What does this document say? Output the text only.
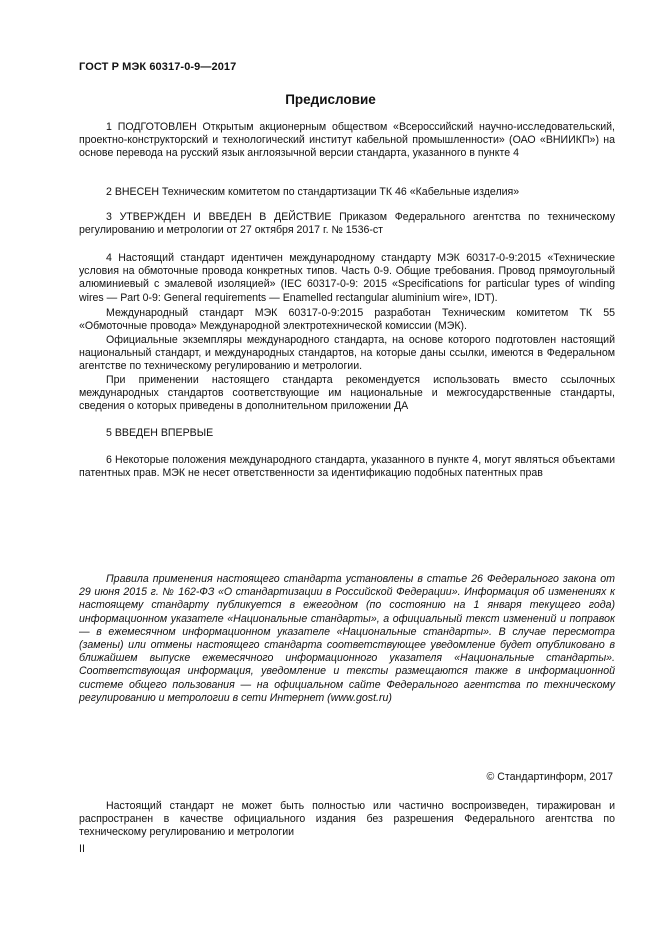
ГОСТ Р МЭК 60317-0-9—2017
Предисловие

1 ПОДГОТОВЛЕН Открытым акционерным обществом «Всероссийский научно-исследовательский, проектно-конструкторский и технологический институт кабельной промышленности» (ОАО «ВНИИКП») на основе перевода на русский язык англоязычной версии стандарта, указанного в пункте 4

2 ВНЕСЕН Техническим комитетом по стандартизации ТК 46 «Кабельные изделия»

3 УТВЕРЖДЕН И ВВЕДЕН В ДЕЙСТВИЕ Приказом Федерального агентства по техническому регулированию и метрологии от 27 октября 2017 г. № 1536-ст

4 Настоящий стандарт идентичен международному стандарту МЭК 60317-0-9:2015 «Технические условия на обмоточные провода конкретных типов. Часть 0-9. Общие требования. Провод прямоугольный алюминиевый с эмалевой изоляцией» (IEC 60317-0-9: 2015 «Specifications for particular types of winding wires — Part 0-9: General requirements — Enamelled rectangular aluminium wire», IDT).

Международный стандарт МЭК 60317-0-9:2015 разработан Техническим комитетом ТК 55 «Обмоточные провода» Международной электротехнической комиссии (МЭК).

Официальные экземпляры международного стандарта, на основе которого подготовлен настоящий национальный стандарт, и международных стандартов, на которые даны ссылки, имеются в Федеральном агентстве по техническому регулированию и метрологии.

При применении настоящего стандарта рекомендуется использовать вместо ссылочных международных стандартов соответствующие им национальные и межгосударственные стандарты, сведения о которых приведены в дополнительном приложении ДА

5 ВВЕДЕН ВПЕРВЫЕ

6 Некоторые положения международного стандарта, указанного в пункте 4, могут являться объектами патентных прав. МЭК не несет ответственности за идентификацию подобных патентных прав

Правила применения настоящего стандарта установлены в статье 26 Федерального закона от 29 июня 2015 г. № 162-ФЗ «О стандартизации в Российской Федерации». Информация об изменениях к настоящему стандарту публикуется в ежегодном (по состоянию на 1 января текущего года) информационном указателе «Национальные стандарты», а официальный текст изменений и поправок — в ежемесячном информационном указателе «Национальные стандарты». В случае пересмотра (замены) или отмены настоящего стандарта соответствующее уведомление будет опубликовано в ближайшем выпуске ежемесячного информационного указателя «Национальные стандарты». Соответствующая информация, уведомление и тексты размещаются также в информационной системе общего пользования — на официальном сайте Федерального агентства по техническому регулированию и метрологии в сети Интернет (www.gost.ru)

© Стандартинформ, 2017

Настоящий стандарт не может быть полностью или частично воспроизведен, тиражирован и распространен в качестве официального издания без разрешения Федерального агентства по техническому регулированию и метрологии

II
